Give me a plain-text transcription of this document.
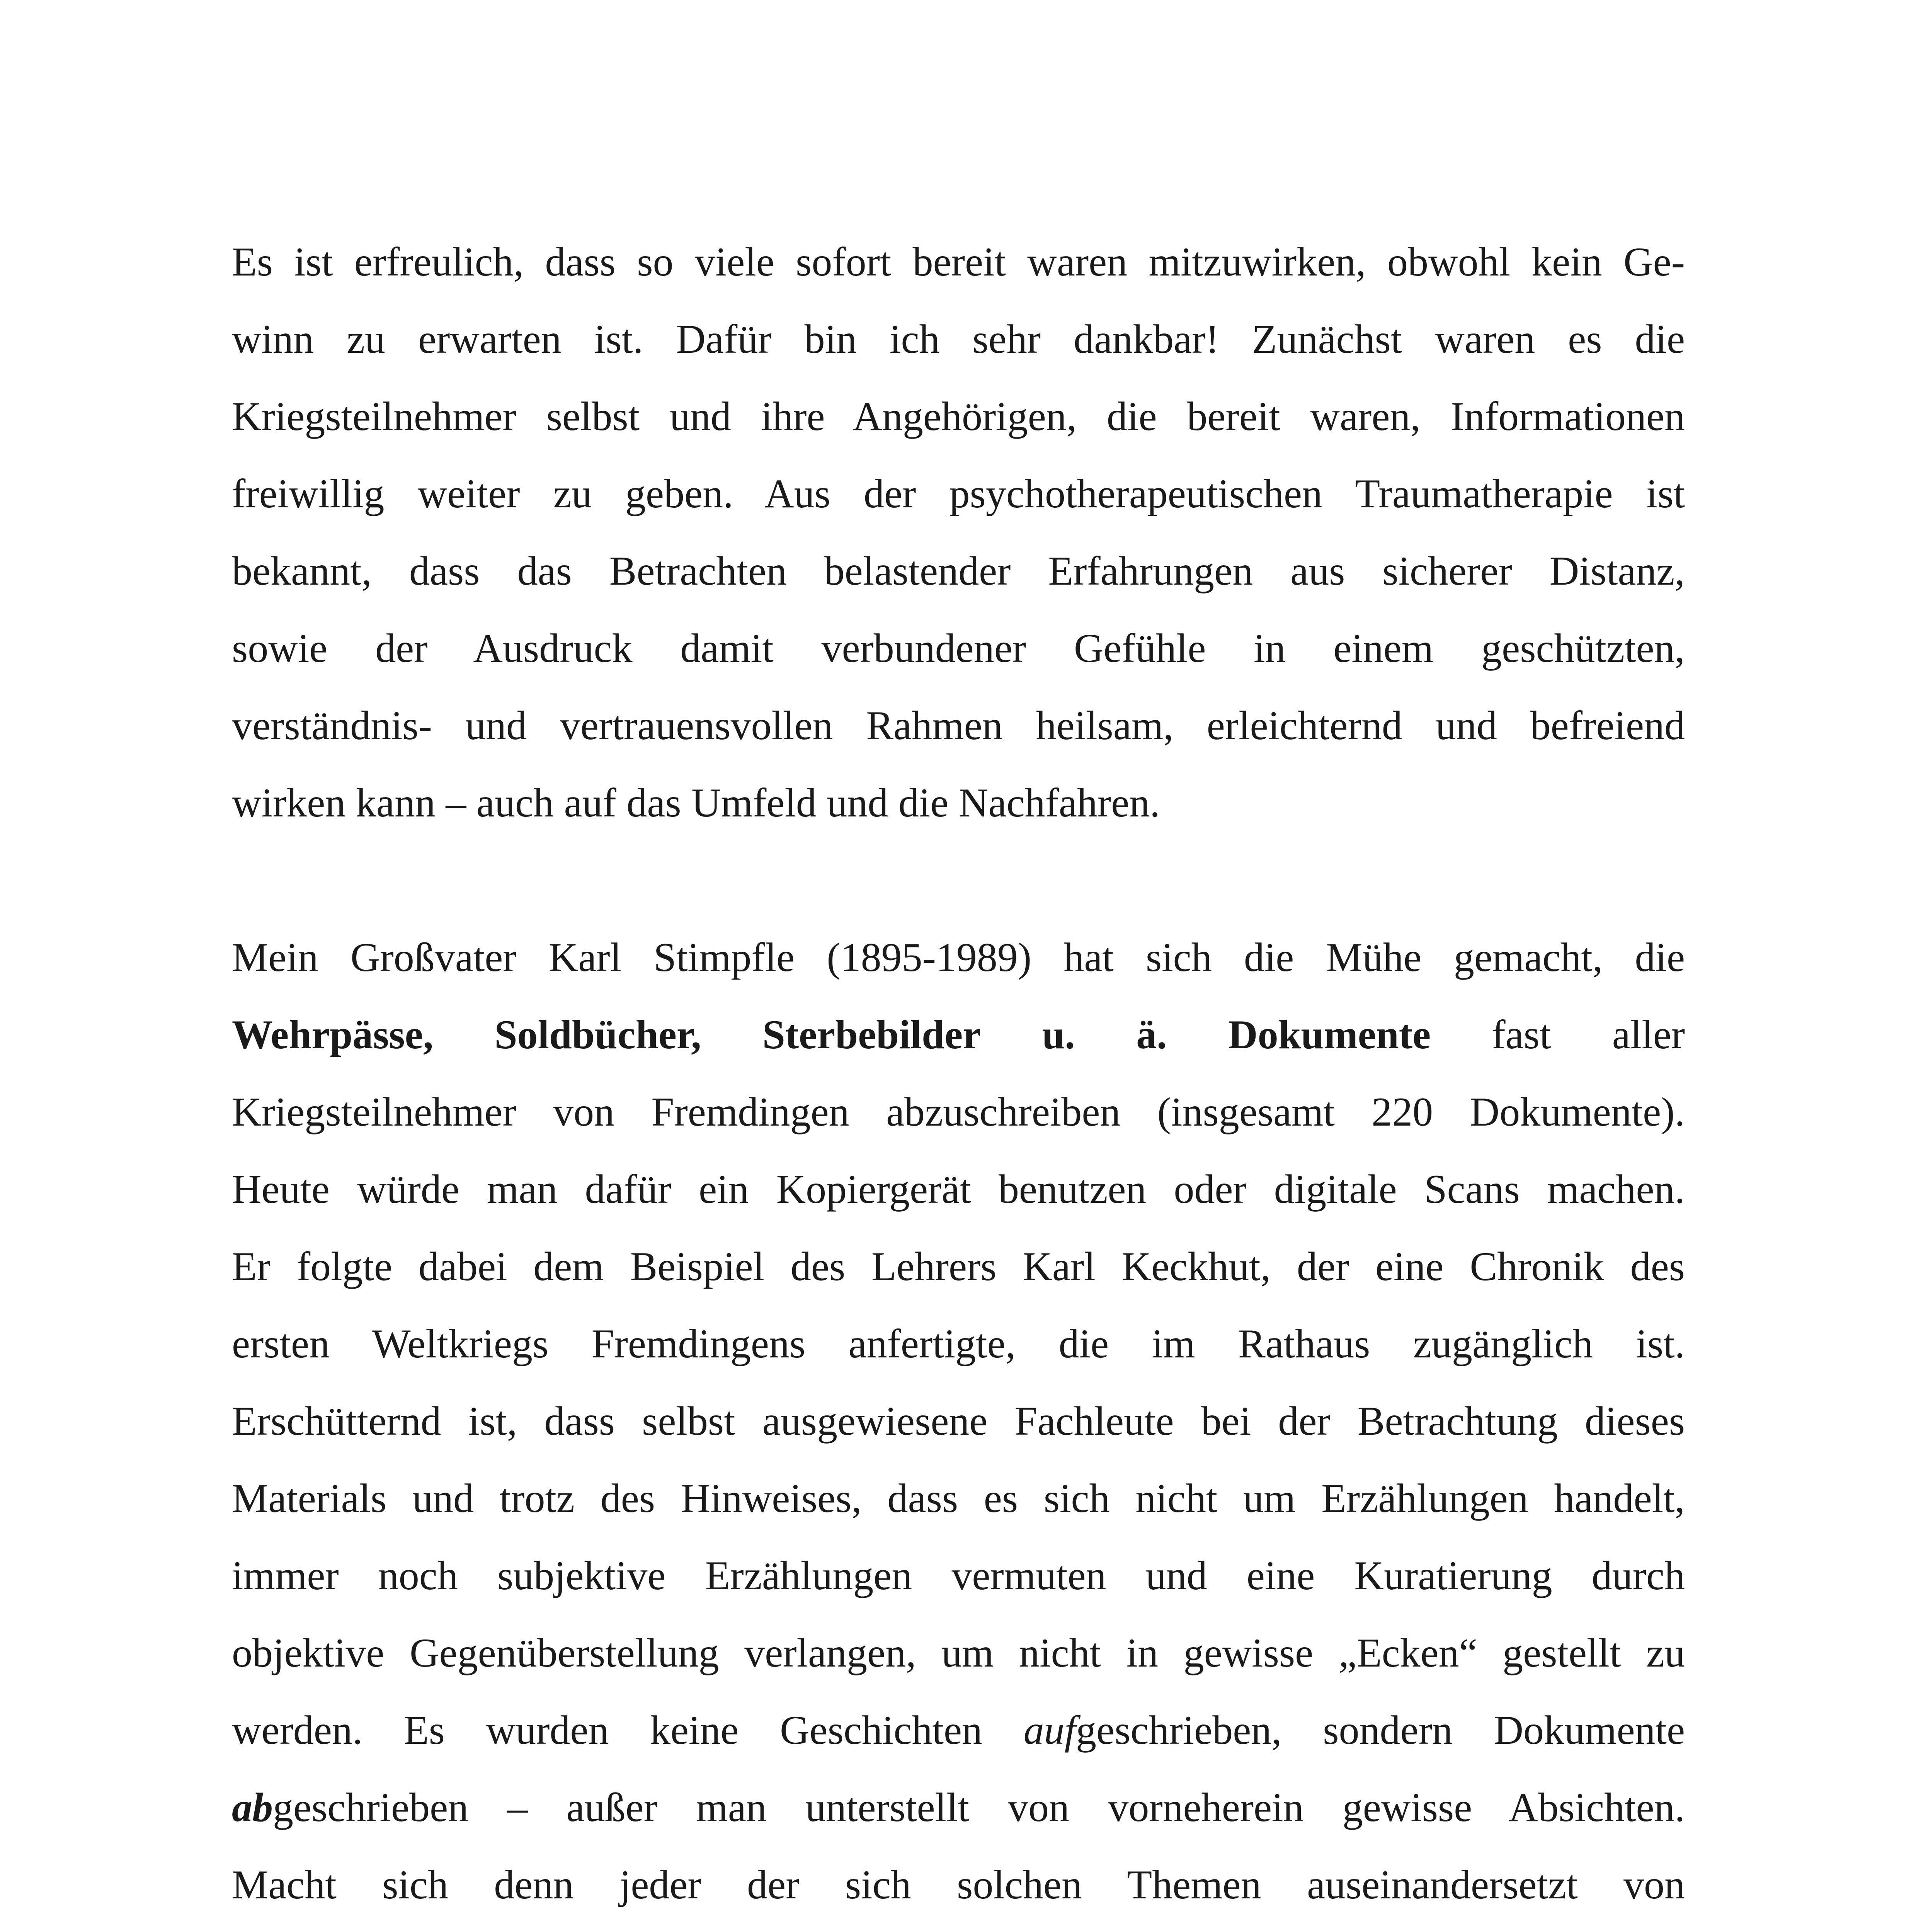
Es ist erfreulich, dass so viele sofort bereit waren mitzuwirken, obwohl kein Ge-
winn zu erwarten ist. Dafür bin ich sehr dankbar! Zunächst waren es die
Kriegsteilnehmer selbst und ihre Angehörigen, die bereit waren, Informationen
freiwillig weiter zu geben. Aus der psychotherapeutischen Traumatherapie ist
bekannt, dass das Betrachten belastender Erfahrungen aus sicherer Distanz,
sowie der Ausdruck damit verbundener Gefühle in einem geschützten,
verständnis- und vertrauensvollen Rahmen heilsam, erleichternd und befreiend
wirken kann – auch auf das Umfeld und die Nachfahren.
Mein Großvater Karl Stimpfle (1895-1989) hat sich die Mühe gemacht, die
Wehrpässe, Soldbücher, Sterbebilder u. ä. Dokumente fast aller
Kriegsteilnehmer von Fremdingen abzuschreiben (insgesamt 220 Dokumente).
Heute würde man dafür ein Kopiergerät benutzen oder digitale Scans machen.
Er folgte dabei dem Beispiel des Lehrers Karl Keckhut, der eine Chronik des
ersten Weltkriegs Fremdingens anfertigte, die im Rathaus zugänglich ist.
Erschütternd ist, dass selbst ausgewiesene Fachleute bei der Betrachtung dieses
Materials und trotz des Hinweises, dass es sich nicht um Erzählungen handelt,
immer noch subjektive Erzählungen vermuten und eine Kuratierung durch
objektive Gegenüberstellung verlangen, um nicht in gewisse „Ecken“ gestellt zu
werden. Es wurden keine Geschichten aufgeschrieben, sondern Dokumente
abgeschrieben – außer man unterstellt von vorneherein gewisse Absichten.
Macht sich denn jeder der sich solchen Themen auseinandersetzt von
